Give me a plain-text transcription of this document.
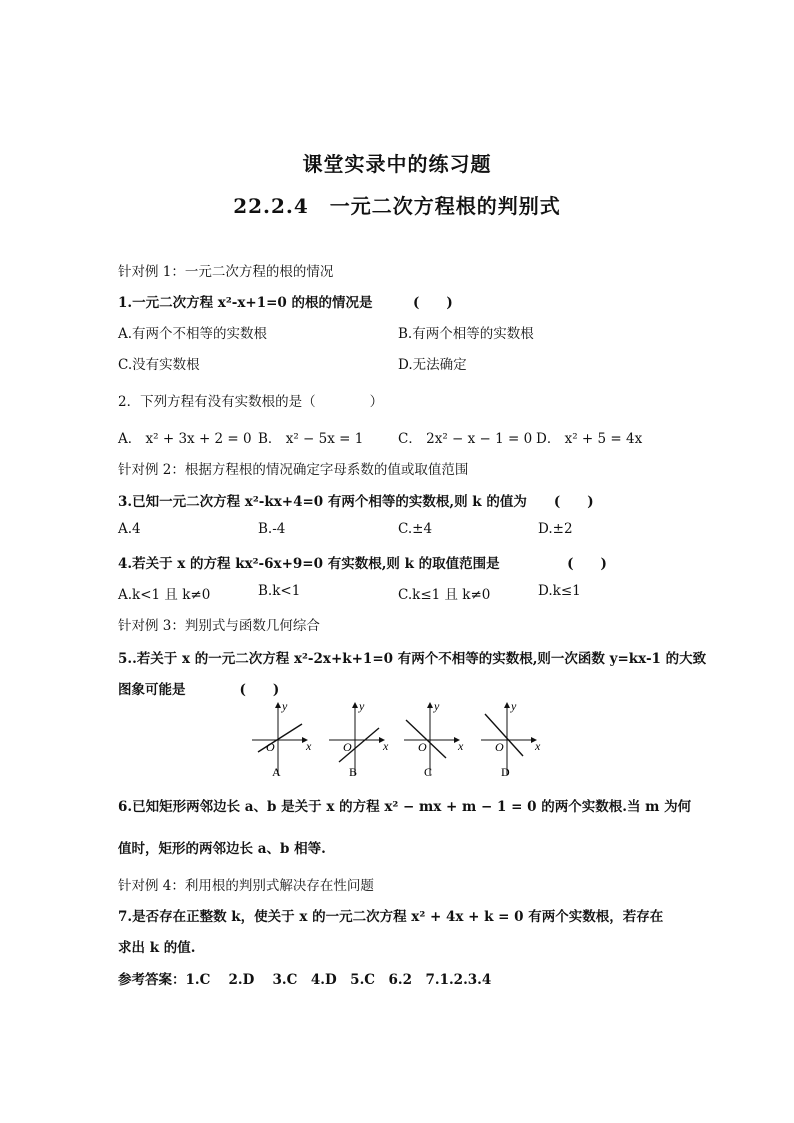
课堂实录中的练习题
22.2.4　一元二次方程根的判别式
针对例 1：一元二次方程的根的情况
1.一元二次方程 x²-x+1=0 的根的情况是　　　(　　)
A.有两个不相等的实数根	B.有两个相等的实数根
C.没有实数根	D.无法确定
2．下列方程有没有实数根的是（　　　　）
A． x² + 3x + 2 = 0 B． x² − 5x = 1	C． 2x² − x − 1 = 0 D． x² + 5 = 4x
针对例 2：根据方程根的情况确定字母系数的值或取值范围
3.已知一元二次方程 x²-kx+4=0 有两个相等的实数根,则 k 的值为　　(　　)
A.4	B.-4	C.±4	D.±2
4.若关于 x 的方程 kx²-6x+9=0 有实数根,则 k 的取值范围是　　　　　(　　)
A.k<1 且 k≠0	B.k<1	C.k≤1 且 k≠0	D.k≤1
针对例 3：判别式与函数几何综合
5..若关于 x 的一元二次方程 x²-2x+k+1=0 有两个不相等的实数根,则一次函数 y=kx-1 的大致
图象可能是　　　　(　　)
x
y
O
A
x
y
O
B
x
y
O
C
x
y
O
D
6.已知矩形两邻边长 a、b 是关于 x 的方程 x² − mx + m − 1 = 0 的两个实数根.当 m 为何
值时，矩形的两邻边长 a、b 相等.
针对例 4：利用根的判别式解决存在性问题
7.是否存在正整数 k，使关于 x 的一元二次方程 x² + 4x + k = 0 有两个实数根，若存在
求出 k 的值.
参考答案：1.C　 2.D　 3.C　4.D　5.C　6.2　7.1.2.3.4
